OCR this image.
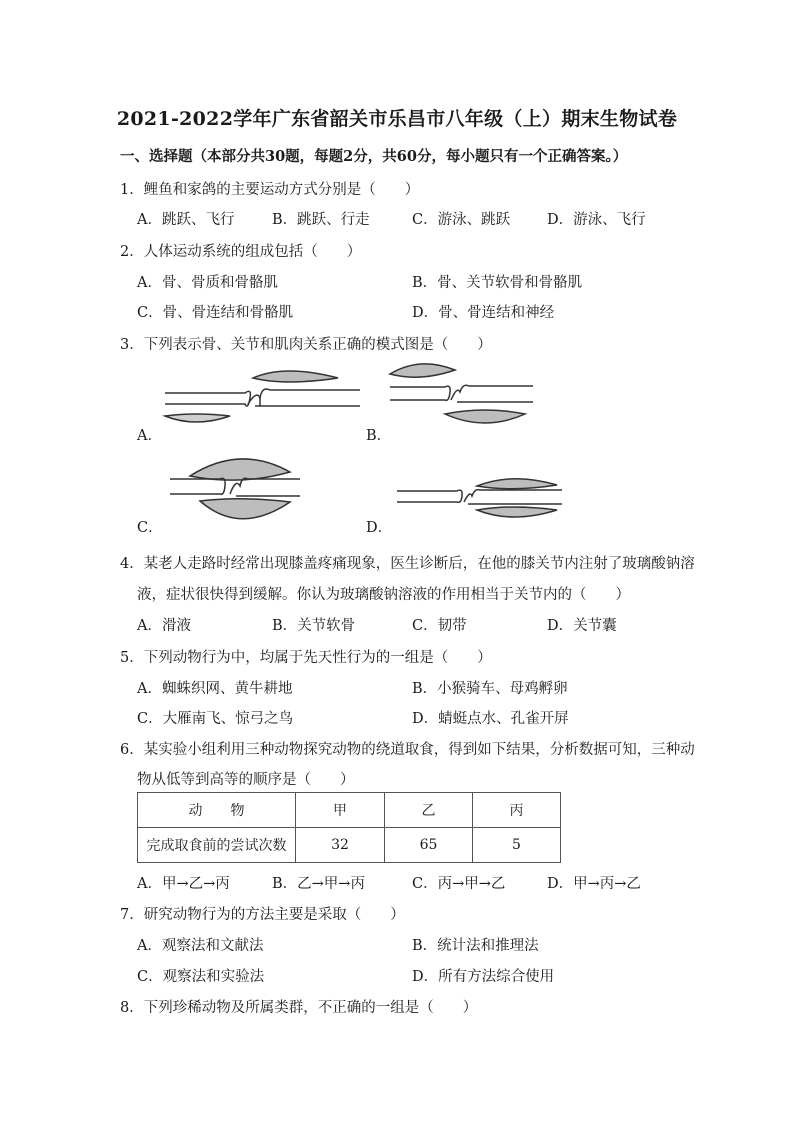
2021-2022学年广东省韶关市乐昌市八年级（上）期末生物试卷
一、选择题（本部分共30题，每题2分，共60分，每小题只有一个正确答案。）
1．鲤鱼和家鸽的主要运动方式分别是（　　）
A．跳跃、飞行	B．跳跃、行走	C．游泳、跳跃	D．游泳、飞行
2．人体运动系统的组成包括（　　）
A．骨、骨质和骨骼肌	B．骨、关节软骨和骨骼肌
C．骨、骨连结和骨骼肌	D．骨、骨连结和神经
3．下列表示骨、关节和肌肉关系正确的模式图是（　　）
A．	B．
C．	D．
4．某老人走路时经常出现膝盖疼痛现象，医生诊断后，在他的膝关节内注射了玻璃酸钠溶
液，症状很快得到缓解。你认为玻璃酸钠溶液的作用相当于关节内的（　　）
A．滑液	B．关节软骨	C．韧带	D．关节囊
5．下列动物行为中，均属于先天性行为的一组是（　　）
A．蜘蛛织网、黄牛耕地	B．小猴骑车、母鸡孵卵
C．大雁南飞、惊弓之鸟	D．蜻蜓点水、孔雀开屏
6．某实验小组利用三种动物探究动物的绕道取食，得到如下结果，分析数据可知，三种动
物从低等到高等的顺序是（　　）
动　　物	甲	乙	丙
完成取食前的尝试次数	32	65	5
A．甲→乙→丙	B．乙→甲→丙	C．丙→甲→乙	D．甲→丙→乙
7．研究动物行为的方法主要是采取（　　）
A．观察法和文献法	B．统计法和推理法
C．观察法和实验法	D．所有方法综合使用
8．下列珍稀动物及所属类群，不正确的一组是（　　）
